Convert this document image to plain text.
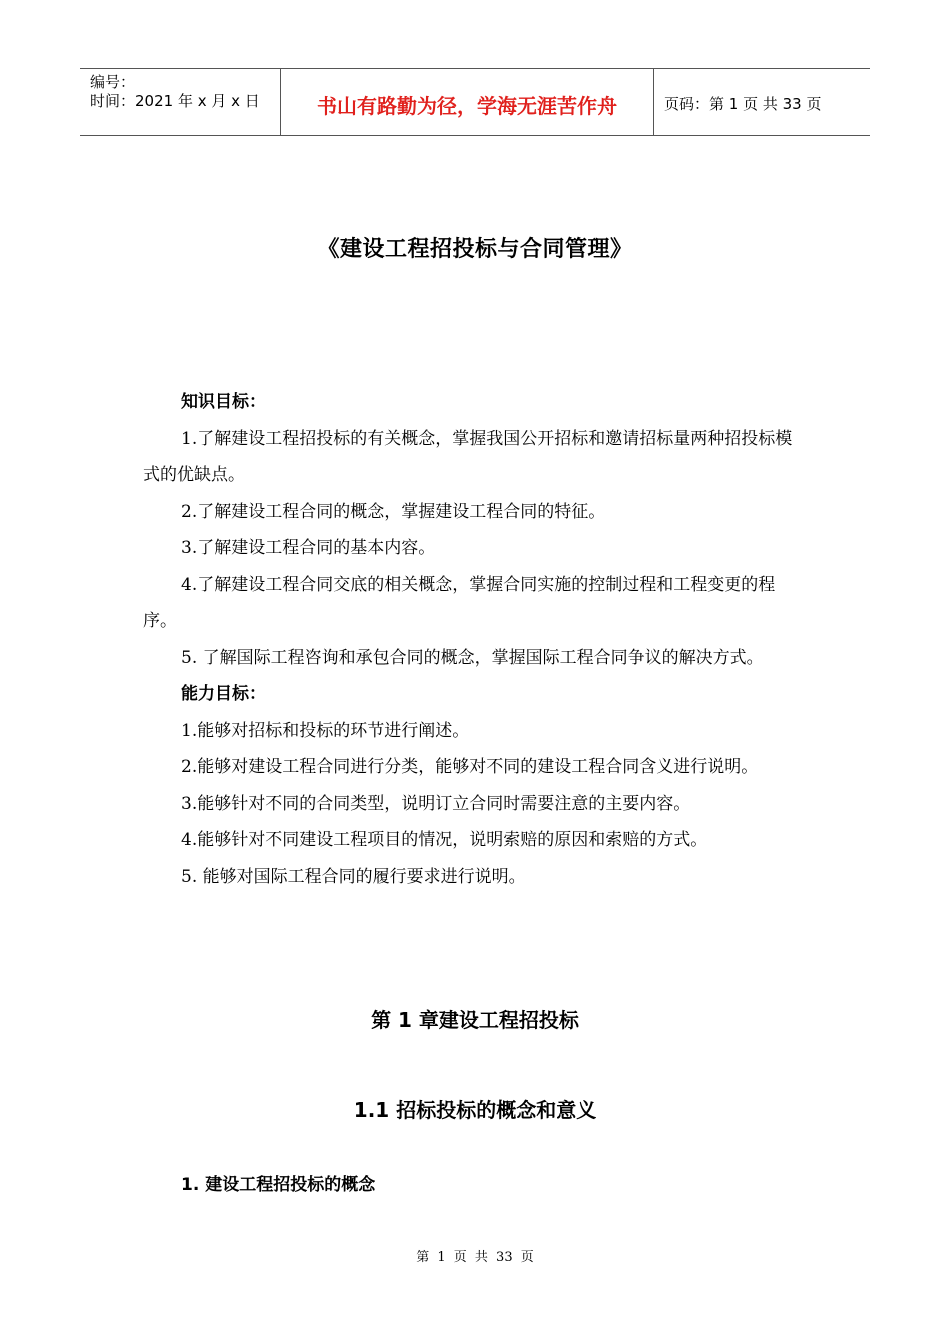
编号：
时间：2021 年 x 月 x 日	书山有路勤为径，学海无涯苦作舟	页码：第 1 页 共 33 页
《建设工程招投标与合同管理》

知识目标：

1.了解建设工程招投标的有关概念，掌握我国公开招标和邀请招标量两种招投标模式的优缺点。

2.了解建设工程合同的概念，掌握建设工程合同的特征。

3.了解建设工程合同的基本内容。

4.了解建设工程合同交底的相关概念，掌握合同实施的控制过程和工程变更的程序。

5. 了解国际工程咨询和承包合同的概念，掌握国际工程合同争议的解决方式。

能力目标：

1.能够对招标和投标的环节进行阐述。

2.能够对建设工程合同进行分类，能够对不同的建设工程合同含义进行说明。

3.能够针对不同的合同类型，说明订立合同时需要注意的主要内容。

4.能够针对不同建设工程项目的情况，说明索赔的原因和索赔的方式。

5. 能够对国际工程合同的履行要求进行说明。

第 1 章建设工程招投标
1.1 招标投标的概念和意义
1. 建设工程招投标的概念
第 1 页 共 33 页
